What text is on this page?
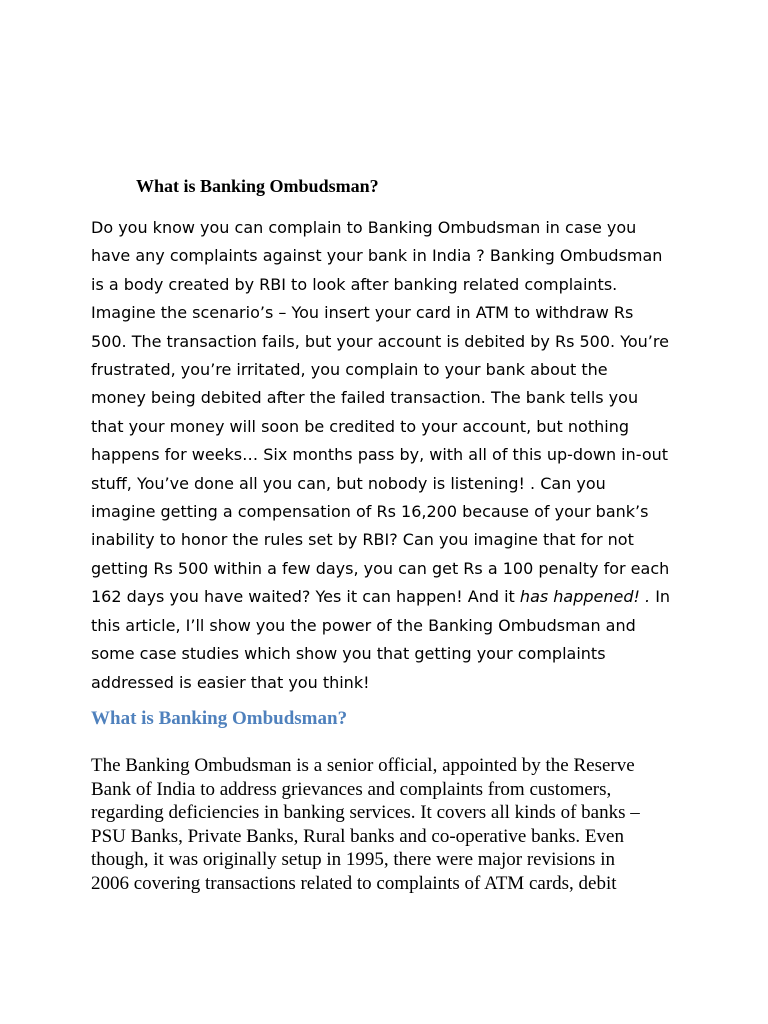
What is Banking Ombudsman?

Do you know you can complain to Banking Ombudsman in case you
have any complaints against your bank in India ? Banking Ombudsman
is a body created by RBI to look after banking related complaints.
Imagine the scenario’s – You insert your card in ATM to withdraw Rs
500. The transaction fails, but your account is debited by Rs 500. You’re
frustrated, you’re irritated, you complain to your bank about the
money being debited after the failed transaction. The bank tells you
that your money will soon be credited to your account, but nothing
happens for weeks… Six months pass by, with all of this up-down in-out
stuff, You’ve done all you can, but nobody is listening! . Can you
imagine getting a compensation of Rs 16,200 because of your bank’s
inability to honor the rules set by RBI? Can you imagine that for not
getting Rs 500 within a few days, you can get Rs a 100 penalty for each
162 days you have waited? Yes it can happen! And it has happened! . In
this article, I’ll show you the power of the Banking Ombudsman and
some case studies which show you that getting your complaints
addressed is easier that you think!

What is Banking Ombudsman?

The Banking Ombudsman is a senior official, appointed by the Reserve
Bank of India to address grievances and complaints from customers,
regarding deficiencies in banking services. It covers all kinds of banks –
PSU Banks, Private Banks, Rural banks and co-operative banks. Even
though, it was originally setup in 1995, there were major revisions in
2006 covering transactions related to complaints of ATM cards, debit
